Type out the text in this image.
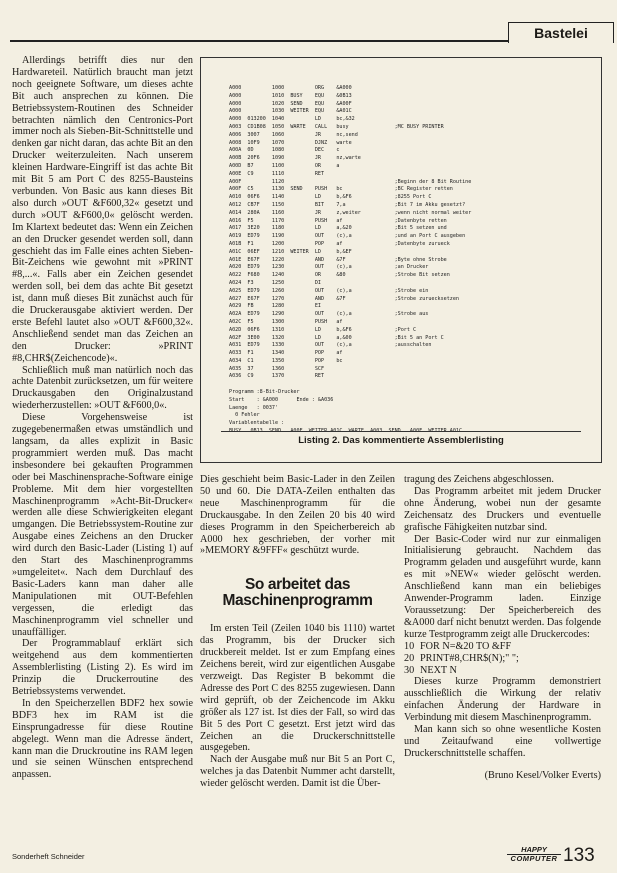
Bastelei

Allerdings betrifft dies nur den Hardwareteil. Natürlich braucht man jetzt noch geeignete Software, um dieses achte Bit auch ansprechen zu können. Die Betriebssystem-Routinen des Schneider betrachten nämlich den Centronics-Port immer noch als Sieben-Bit-Schnittstelle und denken gar nicht daran, das achte Bit an den Drucker weiterzuleiten. Nach unserem kleinen Hardware-Eingriff ist das achte Bit mit Bit 5 am Port C des 8255-Bausteins verbunden. Von Basic aus kann dieses Bit also durch »OUT &F600,32« gesetzt und durch »OUT &F600,0« gelöscht werden. Im Klartext bedeutet das: Wenn ein Zeichen an den Drucker gesendet werden soll, dann geschieht das im Falle eines achten Sieben-Bit-Zeichens wie gewohnt mit »PRINT #8,...«. Falls aber ein Zeichen gesendet werden soll, bei dem das achte Bit gesetzt ist, dann muß dieses Bit zunächst auch für die Druckerausgabe aktiviert werden. Der erste Befehl lautet also »OUT &F600,32«. Anschließend sendet man das Zeichen an den Drucker: »PRINT #8,CHR$(Zeichencode)«.

Schließlich muß man natürlich noch das achte Datenbit zurücksetzen, um für weitere Druckausgaben den Originalzustand wiederherzustellen: »OUT &F600,0«.

Diese Vorgehensweise ist zugegebenermaßen etwas umständlich und langsam, da alles explizit in Basic programmiert werden muß. Das macht insbesondere bei gekauften Programmen oder bei Maschinensprache-Software einige Probleme. Mit dem hier vorgestellten Maschinenprogramm »Acht-Bit-Drucker« werden alle diese Schwierigkeiten elegant umgangen. Die Betriebssystem-Routine zur Ausgabe eines Zeichens an den Drucker wird durch den Basic-Lader (Listing 1) auf den Start des Maschinenprogramms »umgeleitet«. Nach dem Durchlauf des Basic-Laders kann man daher alle Manipulationen mit OUT-Befehlen vergessen, die erledigt das Maschinenprogramm viel schneller und unauffälliger.

Der Programmablauf erklärt sich weitgehend aus dem kommentierten Assemblerlisting (Listing 2). Es wird im Prinzip die Druckerroutine des Betriebssystems verwendet.

In den Speicherzellen BDF2 hex sowie BDF3 hex im RAM ist die Einsprungadresse für diese Routine abgelegt. Wenn man die Adresse ändert, kann man die Druckroutine ins RAM legen und sie seinen Wünschen entsprechend anpassen.

A000          1000          ORG    &A000
A000          1010  BUSY    EQU    &0B13
A000          1020  SEND    EQU    &A00F
A000          1030  WEITER  EQU    &A01C
A000  013200  1040          LD     bc,&32
A003  CD1B08  1050  WARTE   CALL   busy               ;MC BUSY PRINTER
A006  3007    1060          JR     nc,send
A008  10F9    1070          DJNZ   warte
A00A  0D      1080          DEC    c
A00B  20F6    1090          JR     nz,warte
A00D  B7      1100          OR     a
A00E  C9      1110          RET
A00F          1120                                    ;Beginn der 8 Bit Routine
A00F  C5      1130  SEND    PUSH   bc                 ;BC Register retten
A010  06F6    1140          LD     b,&F6              ;8255 Port C
A012  CB7F    1150          BIT    7,a                ;Bit 7 im Akku gesetzt?
A014  280A    1160          JR     z,weiter           ;wenn nicht normal weiter
A016  F5      1170          PUSH   af                 ;Datenbyte retten
A017  3E20    1180          LD     a,&20              ;Bit 5 setzen und
A019  ED79    1190          OUT    (c),a              ;und an Port C ausgeben
A01B  F1      1200          POP    af                 ;Datenbyte zurueck
A01C  06EF    1210  WEITER  LD     b,&EF
A01E  E67F    1220          AND    &7F                ;Byte ohne Strobe
A020  ED79    1230          OUT    (c),a              ;an Drucker
A022  F680    1240          OR     &80                ;Strobe Bit setzen
A024  F3      1250          DI
A025  ED79    1260          OUT    (c),a              ;Strobe ein
A027  E67F    1270          AND    &7F                ;Strobe zuruecksetzen
A029  FB      1280          EI
A02A  ED79    1290          OUT    (c),a              ;Strobe aus
A02C  F5      1300          PUSH   af
A02D  06F6    1310          LD     b,&F6              ;Port C
A02F  3E00    1320          LD     a,&00              ;Bit 5 an Port C
A031  ED79    1330          OUT    (c),a              ;ausschalten
A033  F1      1340          POP    af
A034  C1      1350          POP    bc
A035  37      1360          SCF
A036  C9      1370          RET

Programm :8-Bit-Drucker
Start    : &A000      Ende : &A036
Laenge   : 0037'
0 Fehler
Variablentabelle :

Listing 2. Das kommentierte Assemblerlisting

Dies geschieht beim Basic-Lader in den Zeilen 50 und 60. Die DATA-Zeilen enthalten das neue Maschinenprogramm für die Druckausgabe. In den Zeilen 20 bis 40 wird dieses Programm in den Speicherbereich ab A000 hex geschrieben, der vorher mit »MEMORY &9FFF« geschützt wurde.

So arbeitet das Maschinenprogramm

Im ersten Teil (Zeilen 1040 bis 1110) wartet das Programm, bis der Drucker sich druckbereit meldet. Ist er zum Empfang eines Zeichens bereit, wird zur eigentlichen Ausgabe verzweigt. Das Register B bekommt die Adresse des Port C des 8255 zugewiesen. Dann wird geprüft, ob der Zeichencode im Akku größer als 127 ist. Ist dies der Fall, so wird das Bit 5 des Port C gesetzt. Erst jetzt wird das Zeichen an die Druckerschnittstelle ausgegeben.

Nach der Ausgabe muß nur Bit 5 an Port C, welches ja das Datenbit Nummer acht darstellt, wieder gelöscht werden. Damit ist die Über-

tragung des Zeichens abgeschlossen.

Das Programm arbeitet mit jedem Drucker ohne Änderung, wobei nun der gesamte Zeichensatz des Druckers und eventuelle grafische Fähigkeiten nutzbar sind.

Der Basic-Coder wird nur zur einmaligen Initialisierung gebraucht. Nachdem das Programm geladen und ausgeführt wurde, kann es mit »NEW« wieder gelöscht werden. Anschließend kann man ein beliebiges Anwender-Programm laden. Einzige Voraussetzung: Der Speicherbereich des &A000 darf nicht benutzt werden. Das folgende kurze Testprogramm zeigt alle Druckercodes:

10 FOR N=&20 TO &FF

20 PRINT#8,CHR$(N);" ";

30 NEXT N

Dieses kurze Programm demonstriert ausschließlich die Wirkung der relativ einfachen Änderung der Hardware in Verbindung mit diesem Maschinenprogramm.

Man kann sich so ohne wesentliche Kosten und Zeitaufwand eine vollwertige Druckerschnittstelle schaffen.

(Bruno Kesel/Volker Everts)

Sonderheft Schneider
HAPPY
COMPUTER 133
